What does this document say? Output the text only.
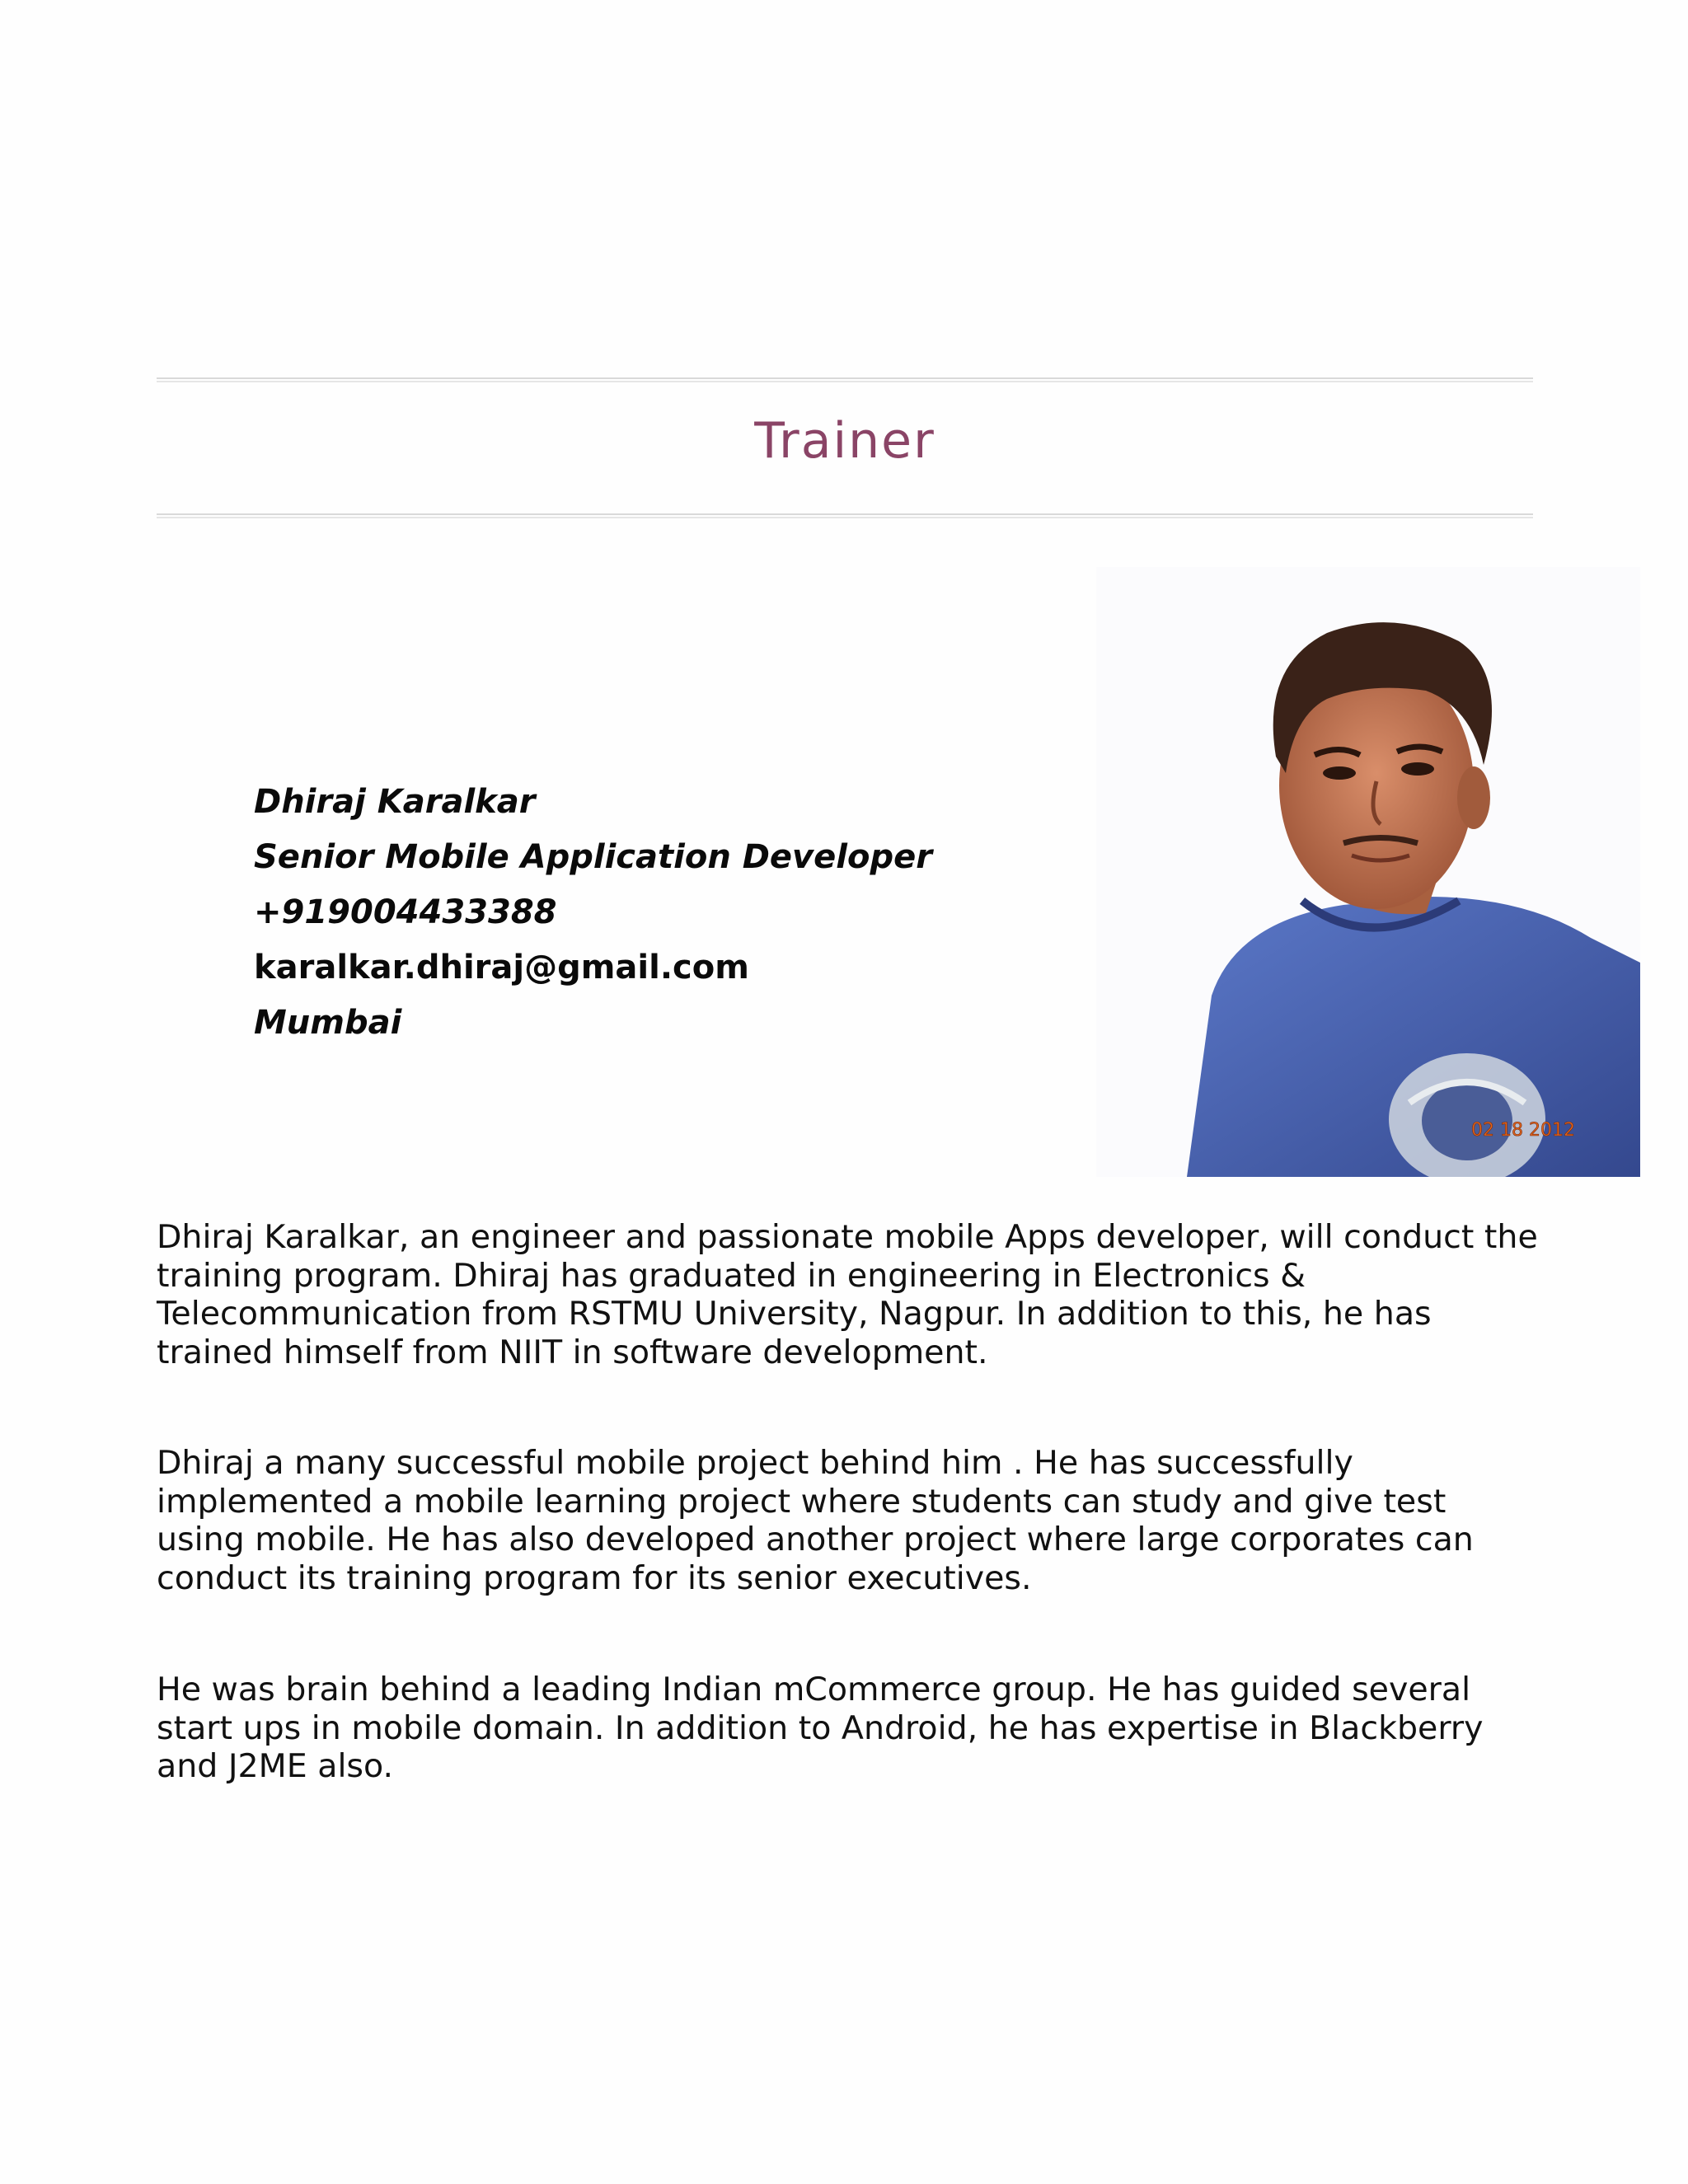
Trainer
Dhiraj Karalkar
Senior Mobile Application Developer
+919004433388
karalkar.dhiraj@gmail.com
Mumbai
02 18 2012
Dhiraj Karalkar, an engineer and passionate mobile Apps developer, will conduct the training program. Dhiraj has graduated in engineering in Electronics & Telecommunication from RSTMU University, Nagpur. In addition to this, he has trained himself from NIIT in software development.
Dhiraj a many successful mobile project behind him . He has successfully implemented a mobile learning project where students can study and give test using mobile. He has also developed another project where large corporates can conduct its training program for its senior executives.
He was brain behind a leading Indian mCommerce group. He has guided several start ups in mobile domain. In addition to Android, he has expertise in Blackberry and J2ME also.
